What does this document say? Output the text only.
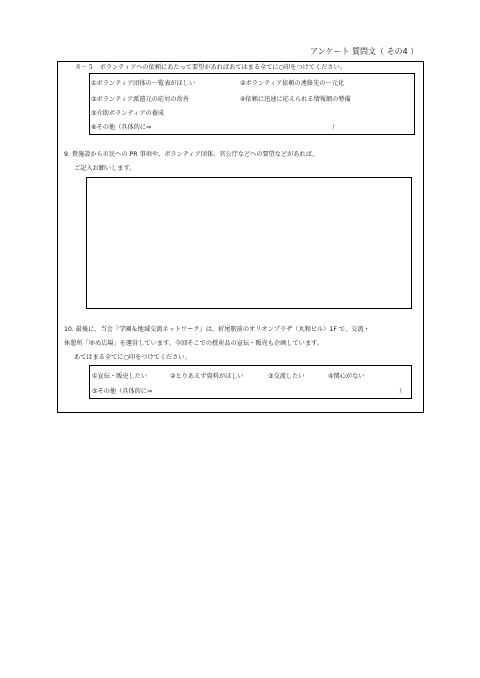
アンケート 質問文（ その4 ）
８－５　ボランティアへの依頼にあたって要望があればあてはまる全てに○印をつけてください。
①ボランティア団体の一覧表がほしい	②ボランティア依頼の連絡先の一元化
③ボランティア派遣元の応対の改善	④依頼に迅速に応えられる情報網の整備
⑤介助ボランティアの養成
⑥その他（具体的に⇒	）
9. 貴施設から市民への PR 事項や、ボランティア団体、官公庁などへの要望などがあれば、
ご記入お願いします。
10. 最後に、当会『学園＆地域交流ネットワーク』は、折尾駅前のオリオンプラザ（丸和ビル）1F で、交流・
休憩所「ゆめ広場」を運営しています。今回そこでの授産品の宣伝・販売も企画しています。
あてはまる全てに○印をつけてください。
①宣伝・販売したい	②とりあえず資料がほしい	③交流したい	④関心がない
⑤その他（具体的に⇒	）
